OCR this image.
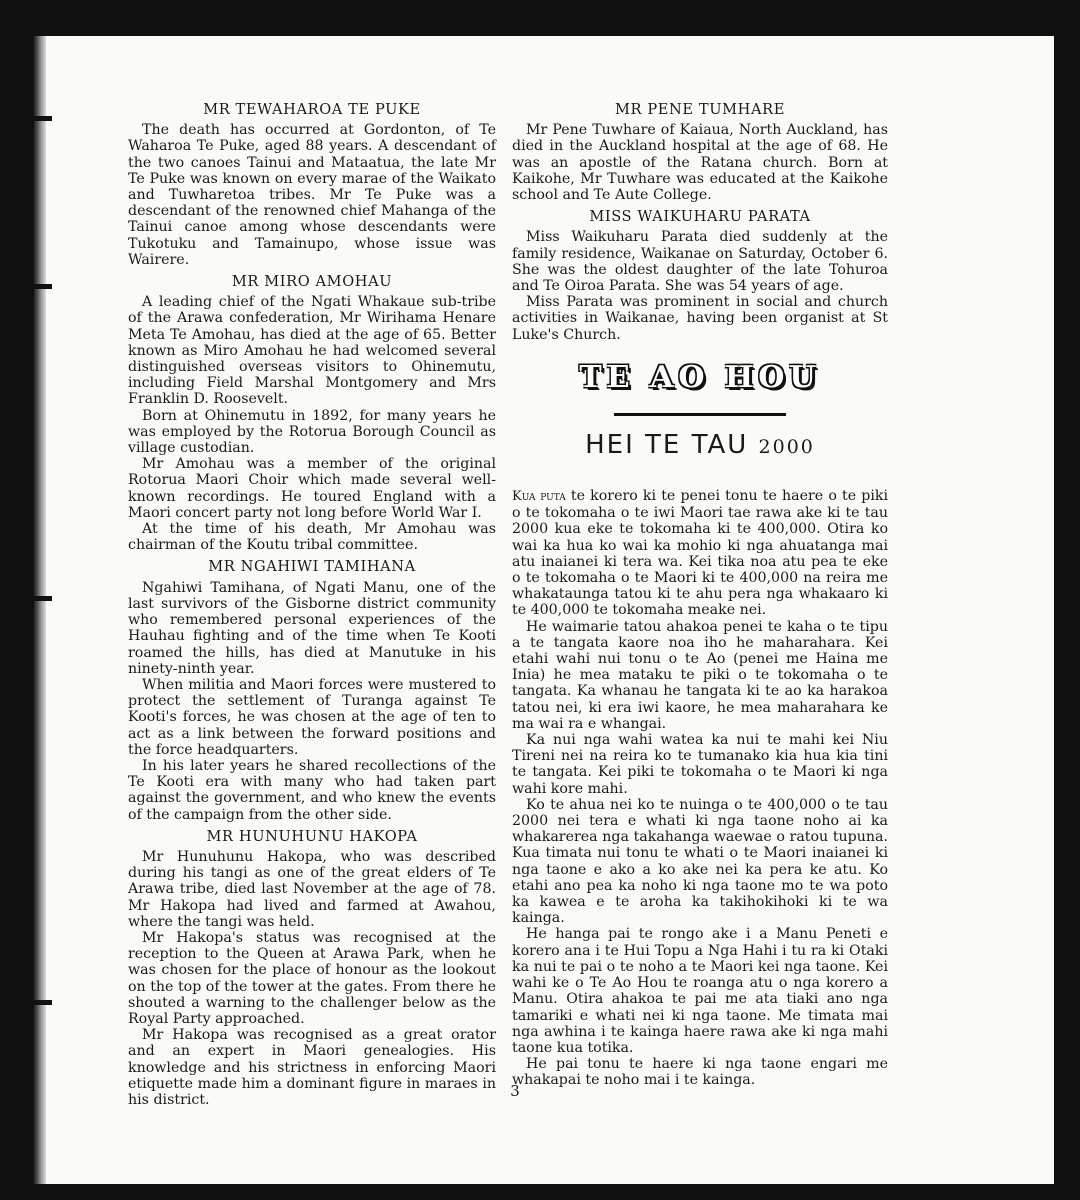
MR TEWAHAROA TE PUKE

The death has occurred at Gordonton, of Te Waharoa Te Puke, aged 88 years. A descendant of the two canoes Tainui and Mataatua, the late Mr Te Puke was known on every marae of the Waikato and Tuwharetoa tribes. Mr Te Puke was a descendant of the renowned chief Mahanga of the Tainui canoe among whose descendants were Tukotuku and Tamainupo, whose issue was Wairere.

MR MIRO AMOHAU

A leading chief of the Ngati Whakaue sub-tribe of the Arawa confederation, Mr Wirihama Henare Meta Te Amohau, has died at the age of 65. Better known as Miro Amohau he had welcomed several distinguished overseas visitors to Ohinemutu, including Field Marshal Montgomery and Mrs Franklin D. Roosevelt.

Born at Ohinemutu in 1892, for many years he was employed by the Rotorua Borough Council as village custodian.

Mr Amohau was a member of the original Rotorua Maori Choir which made several well-known recordings. He toured England with a Maori concert party not long before World War I.

At the time of his death, Mr Amohau was chairman of the Koutu tribal committee.

MR NGAHIWI TAMIHANA

Ngahiwi Tamihana, of Ngati Manu, one of the last survivors of the Gisborne district community who remembered personal experiences of the Hauhau fighting and of the time when Te Kooti roamed the hills, has died at Manutuke in his ninety-ninth year.

When militia and Maori forces were mustered to protect the settlement of Turanga against Te Kooti's forces, he was chosen at the age of ten to act as a link between the forward positions and the force headquarters.

In his later years he shared recollections of the Te Kooti era with many who had taken part against the government, and who knew the events of the campaign from the other side.

MR HUNUHUNU HAKOPA

Mr Hunuhunu Hakopa, who was described during his tangi as one of the great elders of Te Arawa tribe, died last November at the age of 78. Mr Hakopa had lived and farmed at Awahou, where the tangi was held.

Mr Hakopa's status was recognised at the reception to the Queen at Arawa Park, when he was chosen for the place of honour as the lookout on the top of the tower at the gates. From there he shouted a warning to the challenger below as the Royal Party approached.

Mr Hakopa was recognised as a great orator and an expert in Maori genealogies. His knowledge and his strictness in enforcing Maori etiquette made him a dominant figure in maraes in his district.

MR PENE TUMHARE

Mr Pene Tuwhare of Kaiaua, North Auckland, has died in the Auckland hospital at the age of 68. He was an apostle of the Ratana church. Born at Kaikohe, Mr Tuwhare was educated at the Kaikohe school and Te Aute College.

MISS WAIKUHARU PARATA

Miss Waikuharu Parata died suddenly at the family residence, Waikanae on Saturday, October 6. She was the oldest daughter of the late Tohuroa and Te Oiroa Parata. She was 54 years of age.

Miss Parata was prominent in social and church activities in Waikanae, having been organist at St Luke's Church.

TE AO HOU
HEI TE TAU 2000

Kua puta te korero ki te penei tonu te haere o te piki o te tokomaha o te iwi Maori tae rawa ake ki te tau 2000 kua eke te tokomaha ki te 400,000. Otira ko wai ka hua ko wai ka mohio ki nga ahuatanga mai atu inaianei ki tera wa. Kei tika noa atu pea te eke o te tokomaha o te Maori ki te 400,000 na reira me whakataunga tatou ki te ahu pera nga whakaaro ki te 400,000 te tokomaha meake nei.

He waimarie tatou ahakoa penei te kaha o te tipu a te tangata kaore noa iho he maharahara. Kei etahi wahi nui tonu o te Ao (penei me Haina me Inia) he mea mataku te piki o te tokomaha o te tangata. Ka whanau he tangata ki te ao ka harakoa tatou nei, ki era iwi kaore, he mea maharahara ke ma wai ra e whangai.

Ka nui nga wahi watea ka nui te mahi kei Niu Tireni nei na reira ko te tumanako kia hua kia tini te tangata. Kei piki te tokomaha o te Maori ki nga wahi kore mahi.

Ko te ahua nei ko te nuinga o te 400,000 o te tau 2000 nei tera e whati ki nga taone noho ai ka whakarerea nga takahanga waewae o ratou tupuna. Kua timata nui tonu te whati o te Maori inaianei ki nga taone e ako a ko ake nei ka pera ke atu. Ko etahi ano pea ka noho ki nga taone mo te wa poto ka kawea e te aroha ka takihokihoki ki te wa kainga.

He hanga pai te rongo ake i a Manu Peneti e korero ana i te Hui Topu a Nga Hahi i tu ra ki Otaki ka nui te pai o te noho a te Maori kei nga taone. Kei wahi ke o Te Ao Hou te roanga atu o nga korero a Manu. Otira ahakoa te pai me ata tiaki ano nga tamariki e whati nei ki nga taone. Me timata mai nga awhina i te kainga haere rawa ake ki nga mahi taone kua totika.

He pai tonu te haere ki nga taone engari me whakapai te noho mai i te kainga.

3
